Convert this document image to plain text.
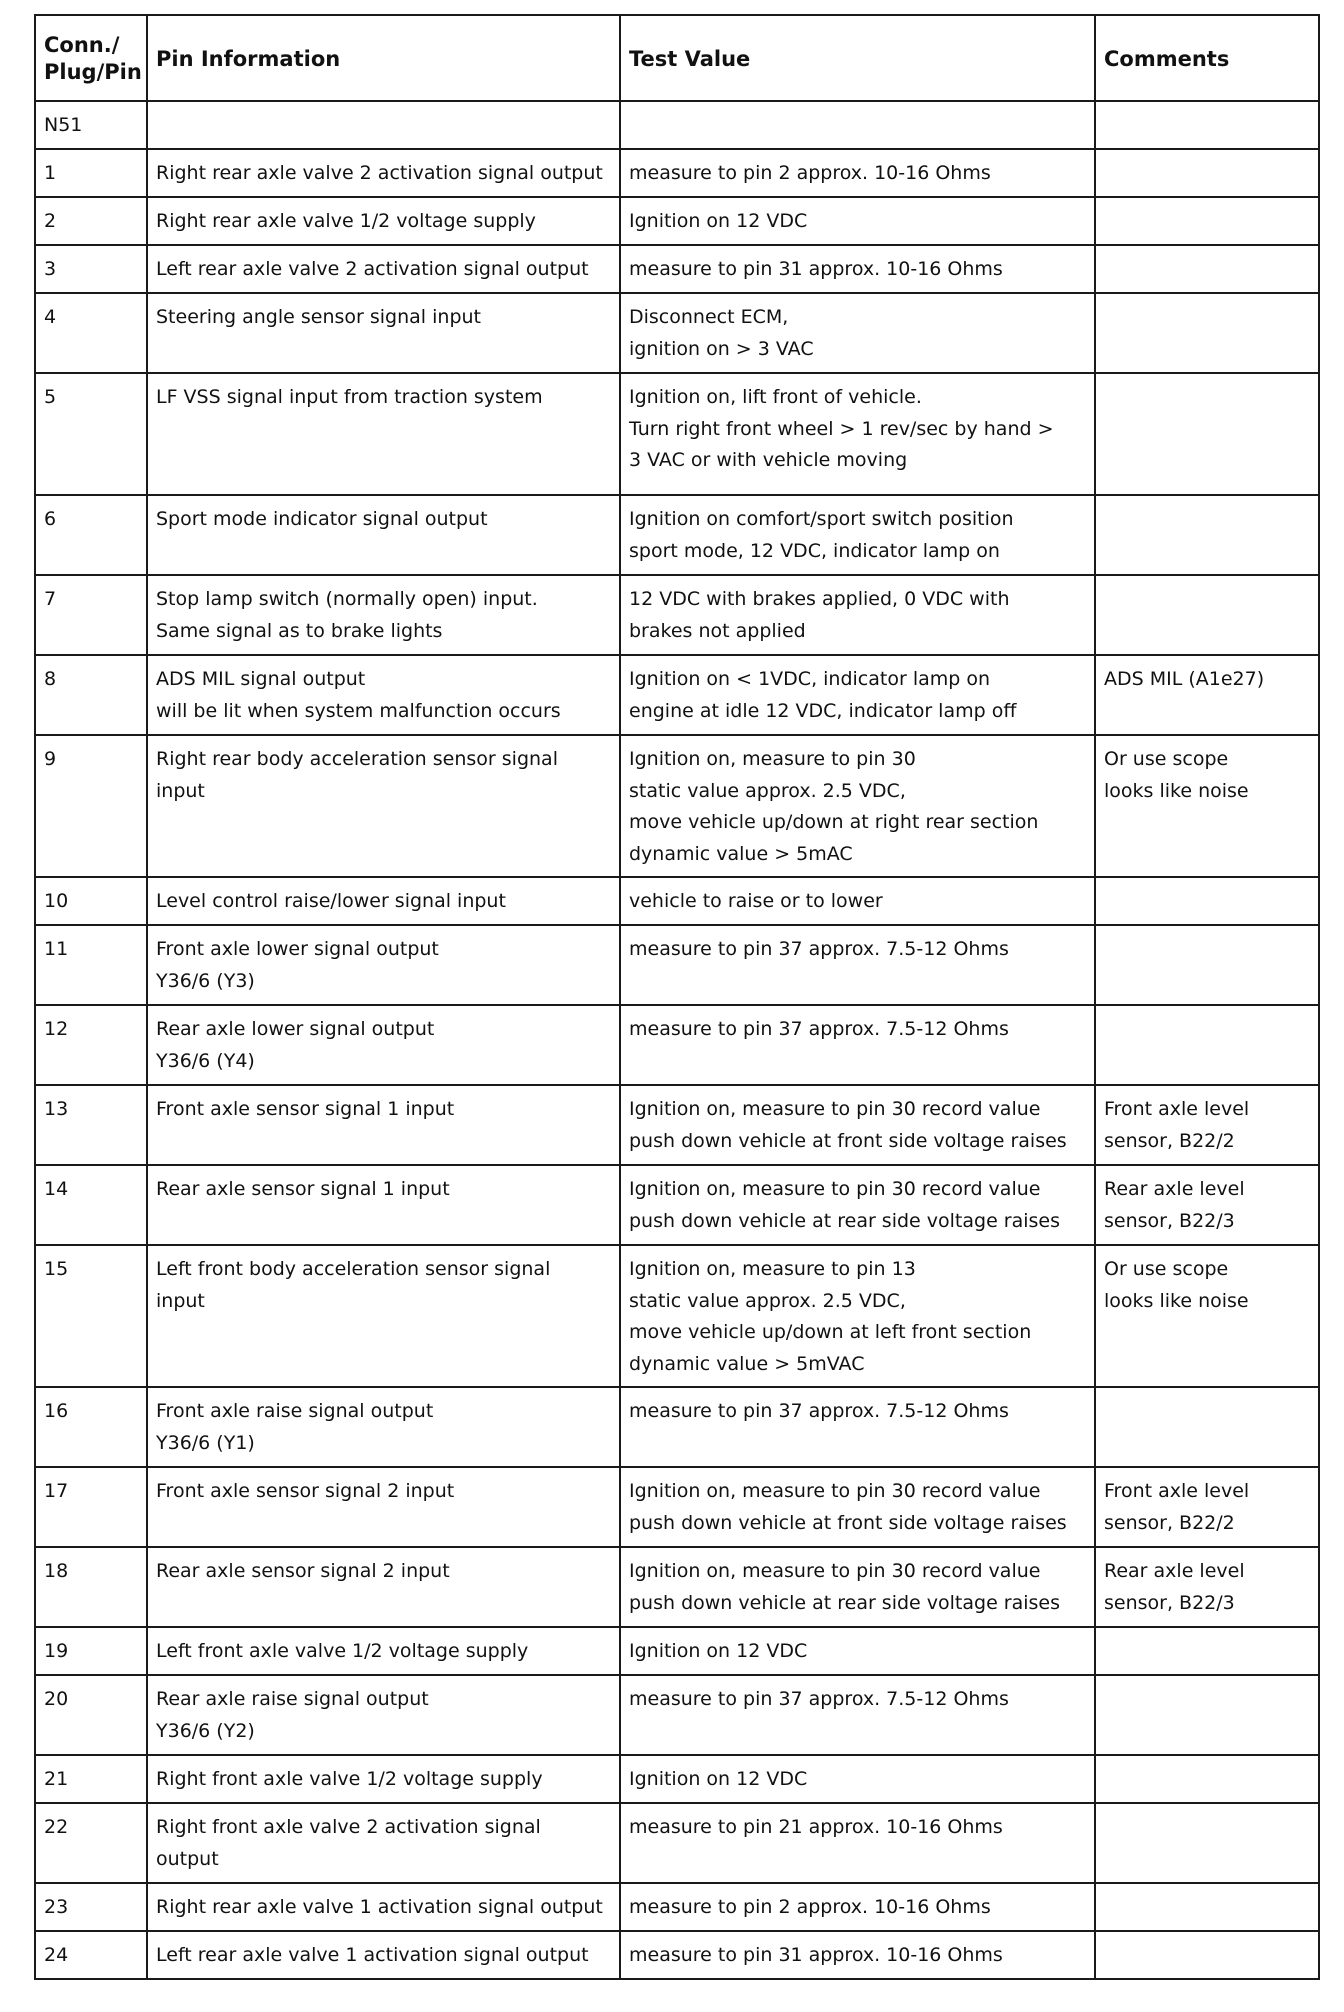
Conn./
Plug/Pin	Pin Information	Test Value	Comments
N51			
1	Right rear axle valve 2 activation signal output	measure to pin 2 approx. 10-16 Ohms	
2	Right rear axle valve 1/2 voltage supply	Ignition on 12 VDC	
3	Left rear axle valve 2 activation signal output	measure to pin 31 approx. 10-16 Ohms	
4	Steering angle sensor signal input	Disconnect ECM,
ignition on > 3 VAC	
5	LF VSS signal input from traction system	Ignition on, lift front of vehicle.
Turn right front wheel > 1 rev/sec by hand >
3 VAC or with vehicle moving	
6	Sport mode indicator signal output	Ignition on comfort/sport switch position
sport mode, 12 VDC, indicator lamp on	
7	Stop lamp switch (normally open) input.
Same signal as to brake lights	12 VDC with brakes applied, 0 VDC with
brakes not applied	
8	ADS MIL signal output
will be lit when system malfunction occurs	Ignition on < 1VDC, indicator lamp on
engine at idle 12 VDC, indicator lamp off	ADS MIL (A1e27)
9	Right rear body acceleration sensor signal
input	Ignition on, measure to pin 30
static value approx. 2.5 VDC,
move vehicle up/down at right rear section
dynamic value > 5mAC	Or use scope
looks like noise
10	Level control raise/lower signal input	vehicle to raise or to lower	
11	Front axle lower signal output
Y36/6 (Y3)	measure to pin 37 approx. 7.5-12 Ohms	
12	Rear axle lower signal output
Y36/6 (Y4)	measure to pin 37 approx. 7.5-12 Ohms	
13	Front axle sensor signal 1 input	Ignition on, measure to pin 30 record value
push down vehicle at front side voltage raises	Front axle level
sensor, B22/2
14	Rear axle sensor signal 1 input	Ignition on, measure to pin 30 record value
push down vehicle at rear side voltage raises	Rear axle level
sensor, B22/3
15	Left front body acceleration sensor signal
input	Ignition on, measure to pin 13
static value approx. 2.5 VDC,
move vehicle up/down at left front section
dynamic value > 5mVAC	Or use scope
looks like noise
16	Front axle raise signal output
Y36/6 (Y1)	measure to pin 37 approx. 7.5-12 Ohms	
17	Front axle sensor signal 2 input	Ignition on, measure to pin 30 record value
push down vehicle at front side voltage raises	Front axle level
sensor, B22/2
18	Rear axle sensor signal 2 input	Ignition on, measure to pin 30 record value
push down vehicle at rear side voltage raises	Rear axle level
sensor, B22/3
19	Left front axle valve 1/2 voltage supply	Ignition on 12 VDC	
20	Rear axle raise signal output
Y36/6 (Y2)	measure to pin 37 approx. 7.5-12 Ohms	
21	Right front axle valve 1/2 voltage supply	Ignition on 12 VDC	
22	Right front axle valve 2 activation signal
output	measure to pin 21 approx. 10-16 Ohms	
23	Right rear axle valve 1 activation signal output	measure to pin 2 approx. 10-16 Ohms	
24	Left rear axle valve 1 activation signal output	measure to pin 31 approx. 10-16 Ohms	
